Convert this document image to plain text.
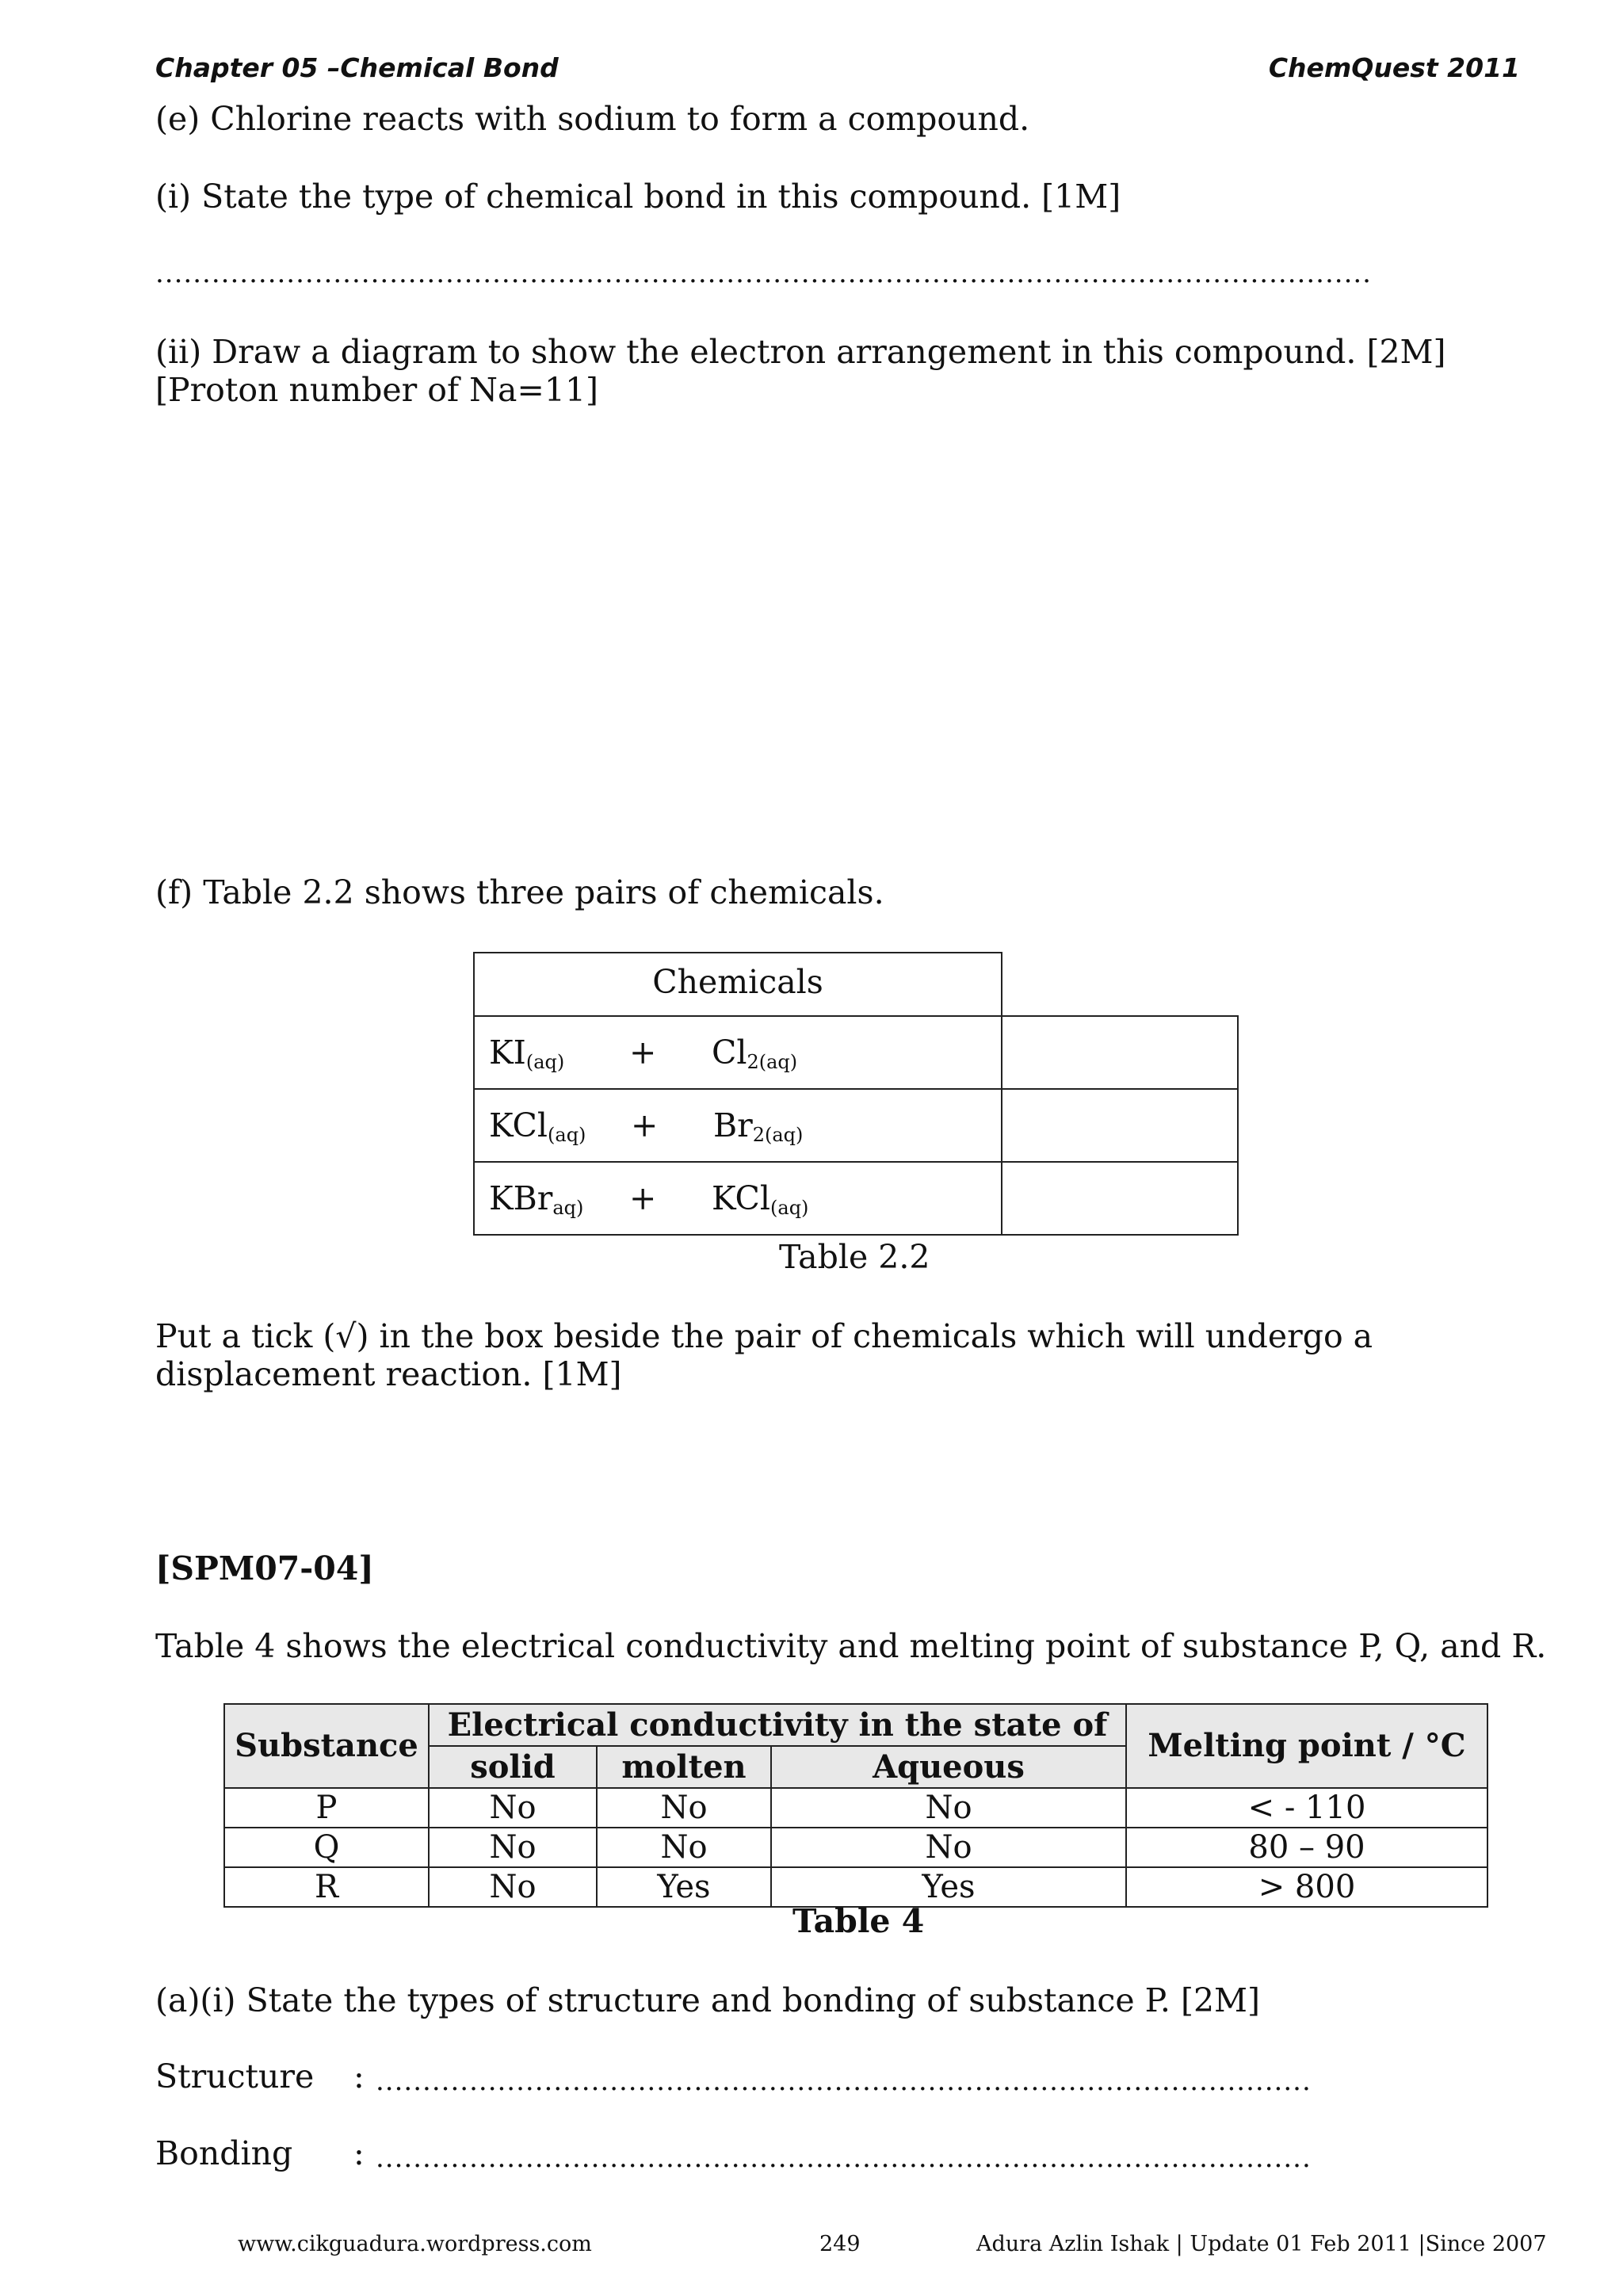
Chapter 05 –Chemical Bond	ChemQuest 2011
(e) Chlorine reacts with sodium to form a compound.
(i) State the type of chemical bond in this compound. [1M]
..................................................................................................................................
(ii) Draw a diagram to show the electron arrangement in this compound. [2M]
[Proton number of Na=11]
(f) Table 2.2 shows three pairs of chemicals.
Chemicals
$KI_{(aq)} + Cl_{2(aq)}$
$KCl_{(aq)} + Br_{2(aq)}$
KBr$_{aq)}$ + KCl$_{(aq)}$
Table 2.2
Put a tick (√) in the box beside the pair of chemicals which will undergo a
displacement reaction. [1M]
[SPM07-04]
Table 4 shows the electrical conductivity and melting point of substance P, Q, and R.
Substance	Electrical conductivity in the state of			Melting point / °C
	solid	molten	Aqueous	
P	No	No	No	< - 110
Q	No	No	No	80 – 90
R	No	Yes	Yes	> 800
Table 4
(a)(i) State the types of structure and bonding of substance P. [2M]
Structure : ....................................................................................................
Bonding : ....................................................................................................
www.cikguadura.wordpress.com	249	Adura Azlin Ishak | Update 01 Feb 2011 |Since 2007
